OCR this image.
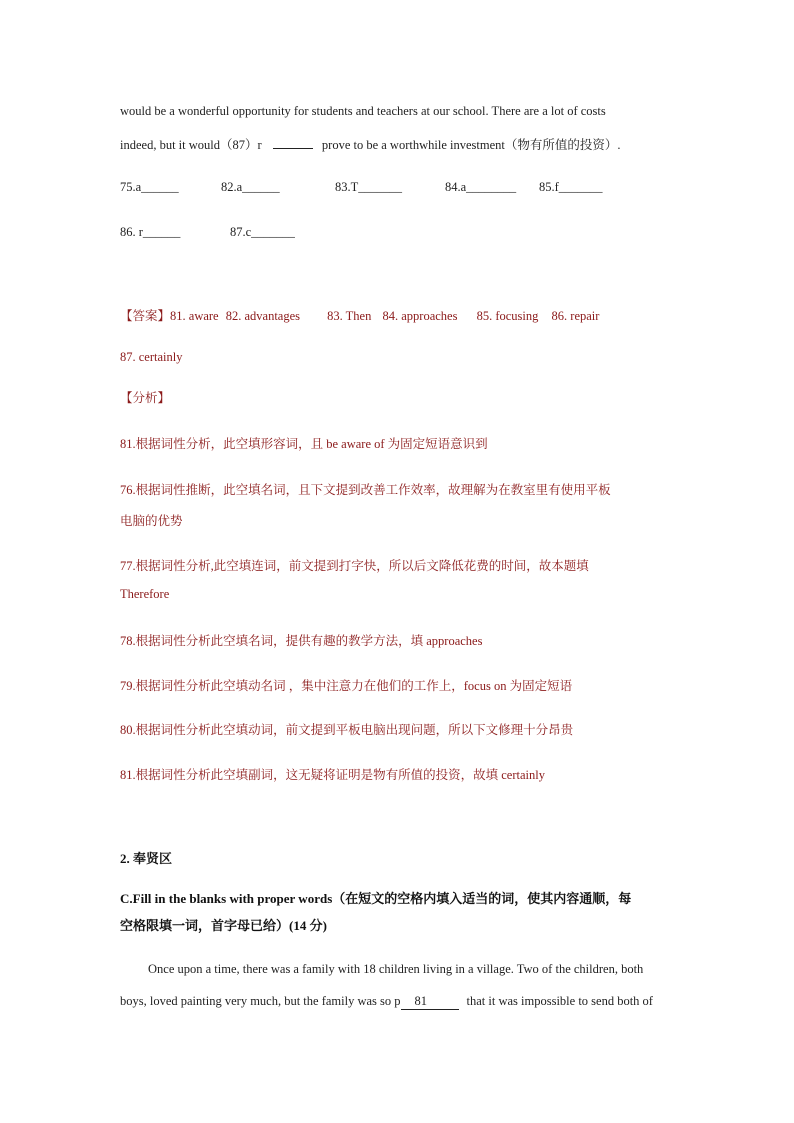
would be a wonderful opportunity for students and teachers at our school. There are a lot of costs
indeed, but it would（87）r	prove to be a worthwhile investment（物有所值的投资）.
75.a______	82.a______	83.T_______	84.a________ 85.f_______
86. r______	87.c_______
【答案】81. aware 82. advantages 83. Then 84. approaches 85. focusing 86. repair
87. certainly
【分析】
81.根据词性分析，此空填形容词，且 be aware of 为固定短语意识到
76.根据词性推断，此空填名词，且下文提到改善工作效率，故理解为在教室里有使用平板
电脑的优势
77.根据词性分析,此空填连词，前文提到打字快，所以后文降低花费的时间，故本题填
Therefore
78.根据词性分析此空填名词，提供有趣的教学方法，填 approaches
79.根据词性分析此空填动名词 ，集中注意力在他们的工作上，focus on 为固定短语
80.根据词性分析此空填动词，前文提到平板电脑出现问题，所以下文修理十分昂贵
81.根据词性分析此空填副词，这无疑将证明是物有所值的投资，故填 certainly
2. 奉贤区
C.Fill in the blanks with proper words（在短文的空格内填入适当的词，使其内容通顺，每
空格限填一词，首字母已给）(14 分)
Once upon a time, there was a family with 18 children living in a village. Two of the children, both
boys, loved painting very much, but the family was so p 81	that it was impossible to send both of
